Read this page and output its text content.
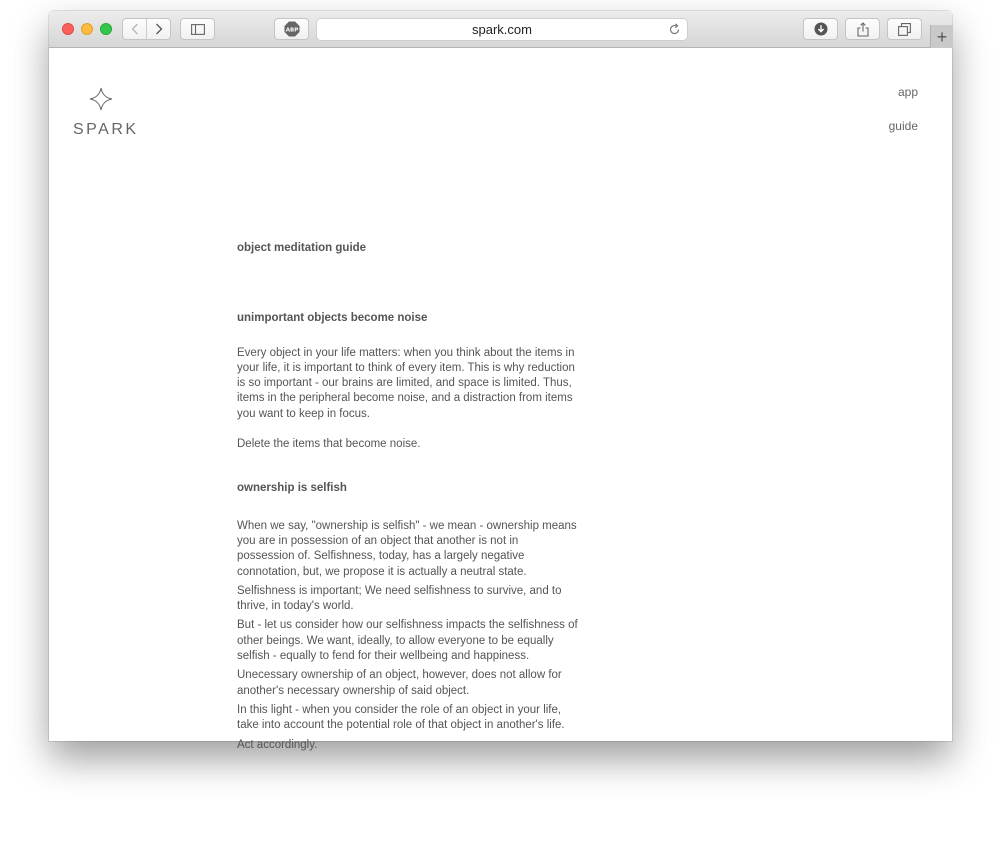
ABP	spark.com	+
SPARK
app
guide
object meditation guide
unimportant objects become noise

Every object in your life matters: when you think about the items in your life, it is important to think of every item. This is why reduction is so important - our brains are limited, and space is limited. Thus, items in the peripheral become noise, and a distraction from items you want to keep in focus.

Delete the items that become noise.

ownership is selfish

When we say, "ownership is selfish" - we mean - ownership means you are in possession of an object that another is not in possession of. Selfishness, today, has a largely negative connotation, but, we propose it is actually a neutral state.

Selfishness is important; We need selfishness to survive, and to thrive, in today's world.

But - let us consider how our selfishness impacts the selfishness of other beings. We want, ideally, to allow everyone to be equally selfish - equally to fend for their wellbeing and happiness.

Unecessary ownership of an object, however, does not allow for another's necessary ownership of said object.

In this light - when you consider the role of an object in your life, take into account the potential role of that object in another's life.

Act accordingly.
